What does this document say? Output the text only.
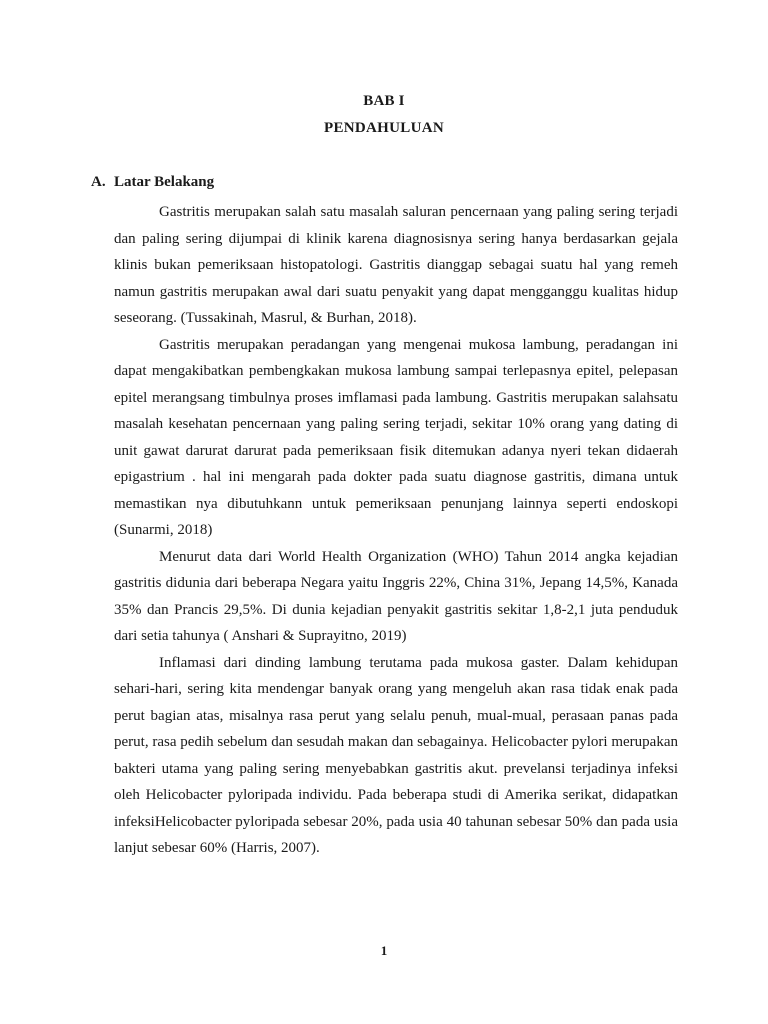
BAB I
PENDAHULUAN
A. Latar Belakang

Gastritis merupakan salah satu masalah saluran pencernaan yang paling sering terjadi dan paling sering dijumpai di klinik karena diagnosisnya sering hanya berdasarkan gejala klinis bukan pemeriksaan histopatologi. Gastritis dianggap sebagai suatu hal yang remeh namun gastritis merupakan awal dari suatu penyakit yang dapat mengganggu kualitas hidup seseorang. (Tussakinah, Masrul, & Burhan, 2018).

Gastritis merupakan peradangan yang mengenai mukosa lambung, peradangan ini dapat mengakibatkan pembengkakan mukosa lambung sampai terlepasnya epitel, pelepasan epitel merangsang timbulnya proses imflamasi pada lambung. Gastritis merupakan salahsatu masalah kesehatan pencernaan yang paling sering terjadi, sekitar 10% orang yang dating di unit gawat darurat darurat pada pemeriksaan fisik ditemukan adanya nyeri tekan didaerah epigastrium . hal ini mengarah pada dokter pada suatu diagnose gastritis, dimana untuk memastikan nya dibutuhkann untuk pemeriksaan penunjang lainnya seperti endoskopi (Sunarmi, 2018)

Menurut data dari World Health Organization (WHO) Tahun 2014 angka kejadian gastritis didunia dari beberapa Negara yaitu Inggris 22%, China 31%, Jepang 14,5%, Kanada 35% dan Prancis 29,5%. Di dunia kejadian penyakit gastritis sekitar 1,8-2,1 juta penduduk dari setia tahunya ( Anshari & Suprayitno, 2019)

Inflamasi dari dinding lambung terutama pada mukosa gaster. Dalam kehidupan sehari-hari, sering kita mendengar banyak orang yang mengeluh akan rasa tidak enak pada perut bagian atas, misalnya rasa perut yang selalu penuh, mual-mual, perasaan panas pada perut, rasa pedih sebelum dan sesudah makan dan sebagainya. Helicobacter pylori merupakan bakteri utama yang paling sering menyebabkan gastritis akut. prevelansi terjadinya infeksi oleh Helicobacter pyloripada individu. Pada beberapa studi di Amerika serikat, didapatkan infeksiHelicobacter pyloripada sebesar 20%, pada usia 40 tahunan sebesar 50% dan pada usia lanjut sebesar 60% (Harris, 2007).

1
